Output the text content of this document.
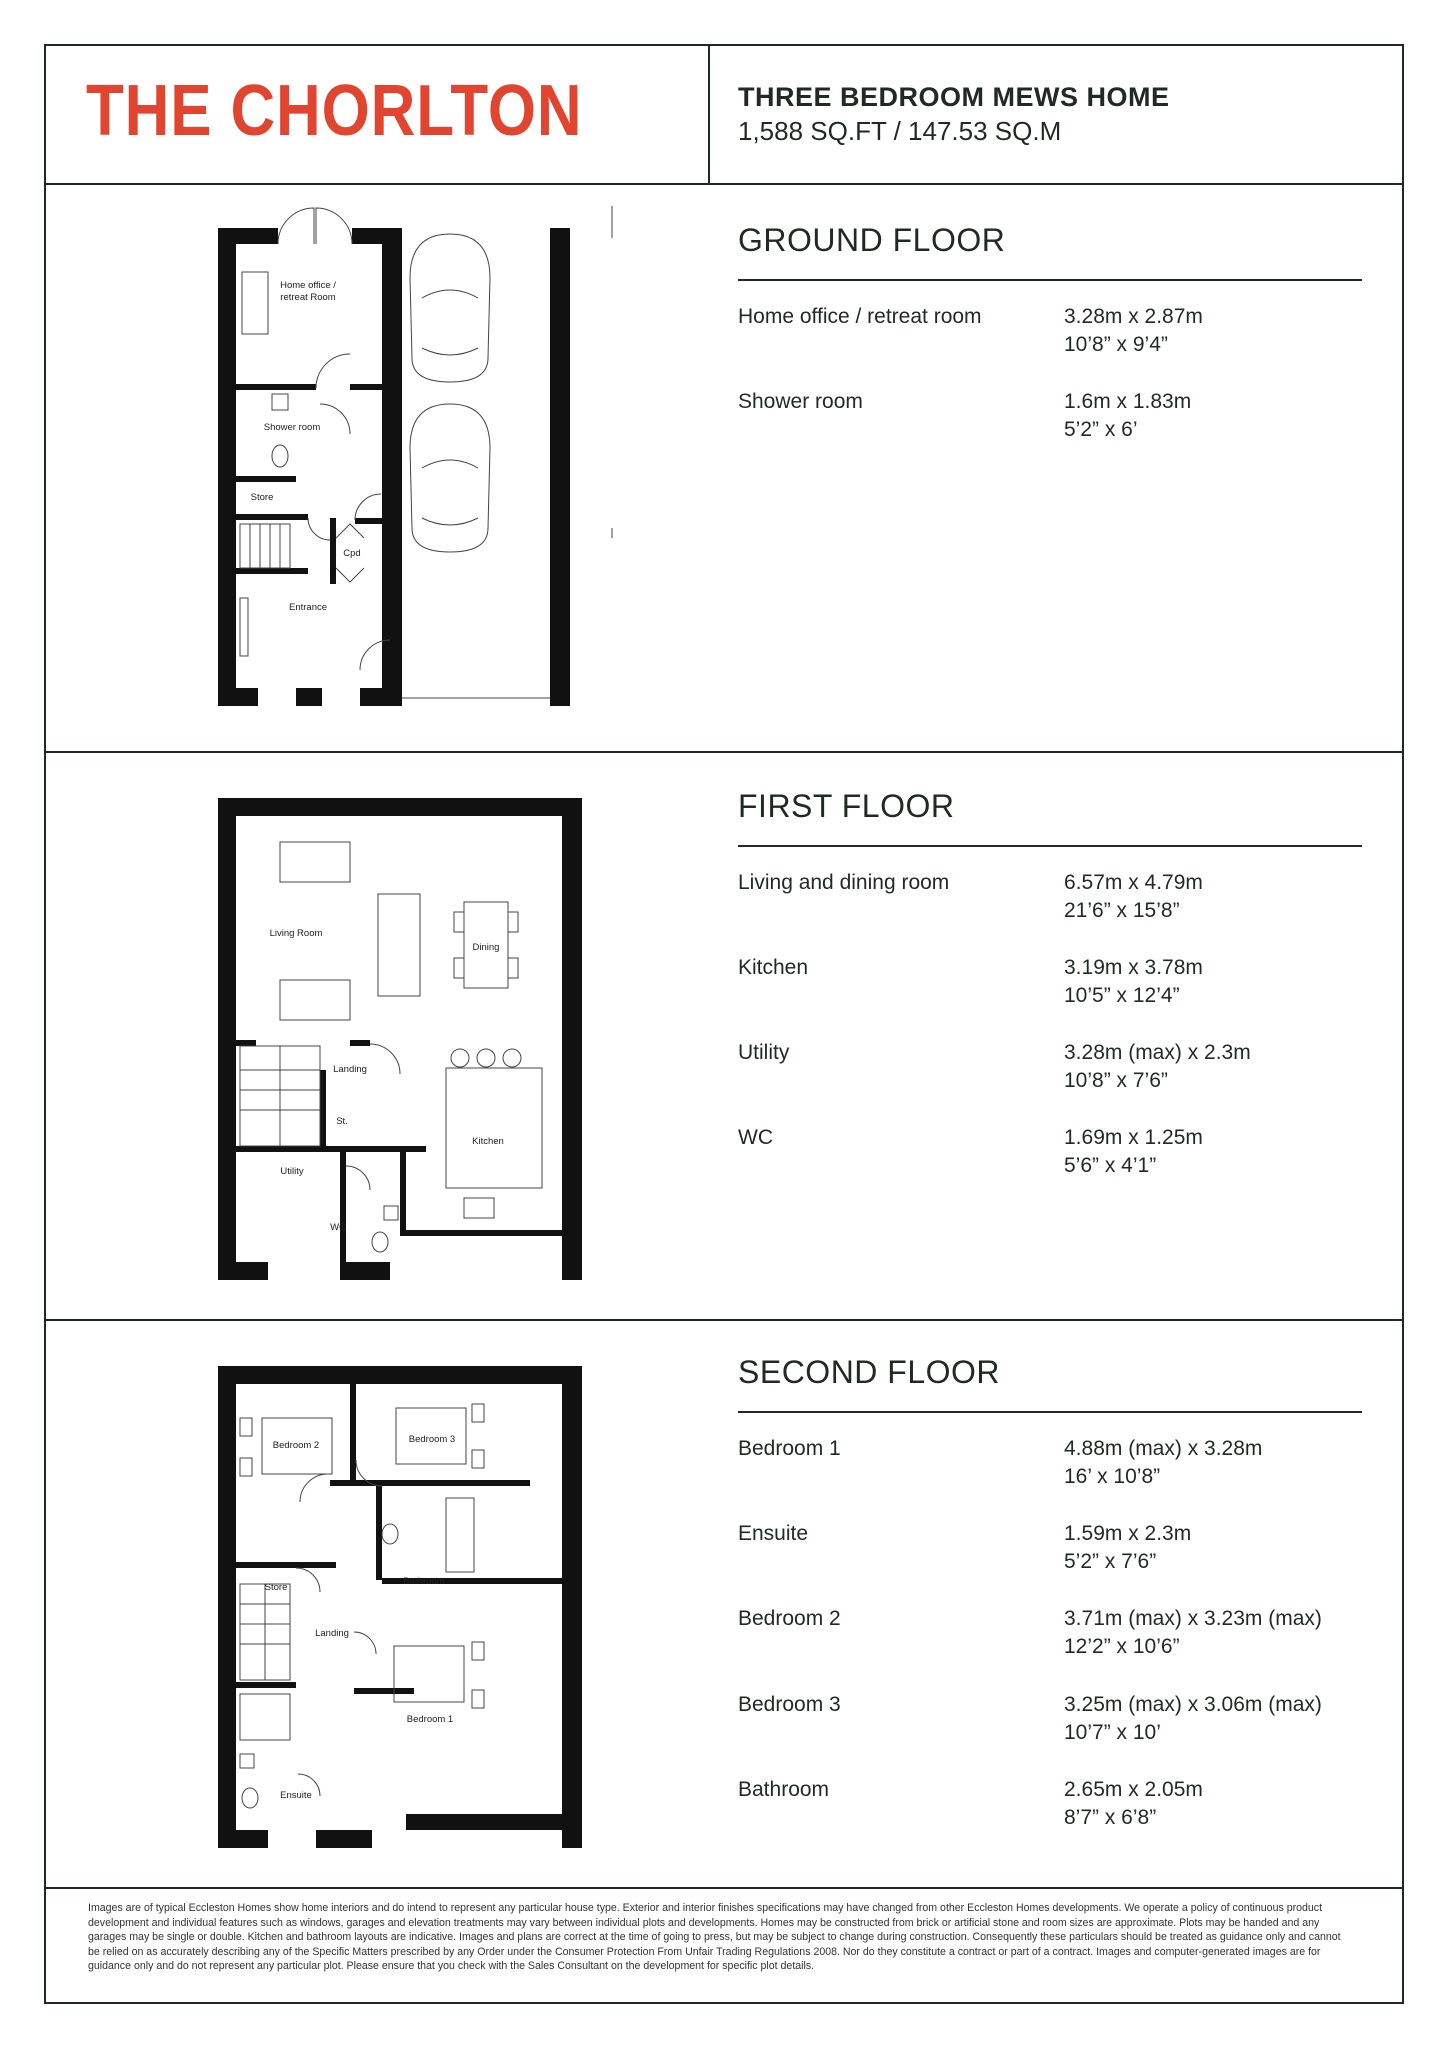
THE CHORLTON	THREE BEDROOM MEWS HOME
1,588 SQ.FT / 147.53 SQ.M
GROUND FLOOR
Home office / retreat room	3.28m x 2.87m
10’8” x 9’4”
Shower room	1.6m x 1.83m
5’2” x 6’
FIRST FLOOR
Living and dining room	6.57m x 4.79m
21’6” x 15’8”
Kitchen	3.19m x 3.78m
10’5” x 12’4”
Utility	3.28m (max) x 2.3m
10’8” x 7’6”
WC	1.69m x 1.25m
5’6” x 4’1”
SECOND FLOOR
Bedroom 1	4.88m (max) x 3.28m
16’ x 10’8”
Ensuite	1.59m x 2.3m
5’2” x 7’6”
Bedroom 2	3.71m (max) x 3.23m (max)
12’2” x 10’6”
Bedroom 3	3.25m (max) x 3.06m (max)
10’7” x 10’
Bathroom	2.65m x 2.05m
8’7” x 6’8”
Home office /
retreat Room
Shower room
Store
Cpd
Entrance
Living Room
Dining
Landing
St.
Kitchen
Utility
WC
Bedroom 2
Bedroom 3
Store
Bathroom
Landing
Bedroom 1
Ensuite
Images are of typical Eccleston Homes show home interiors and do intend to represent any particular house type. Exterior and interior finishes specifications may have changed from other Eccleston Homes developments. We operate a policy of continuous product development and individual features such as windows, garages and elevation treatments may vary between individual plots and developments. Homes may be constructed from brick or artificial stone and room sizes are approximate. Plots may be handed and any garages may be single or double. Kitchen and bathroom layouts are indicative. Images and plans are correct at the time of going to press, but may be subject to change during construction. Consequently these particulars should be treated as guidance only and cannot be relied on as accurately describing any of the Specific Matters prescribed by any Order under the Consumer Protection From Unfair Trading Regulations 2008. Nor do they constitute a contract or part of a contract. Images and computer-generated images are for guidance only and do not represent any particular plot. Please ensure that you check with the Sales Consultant on the development for specific plot details.
